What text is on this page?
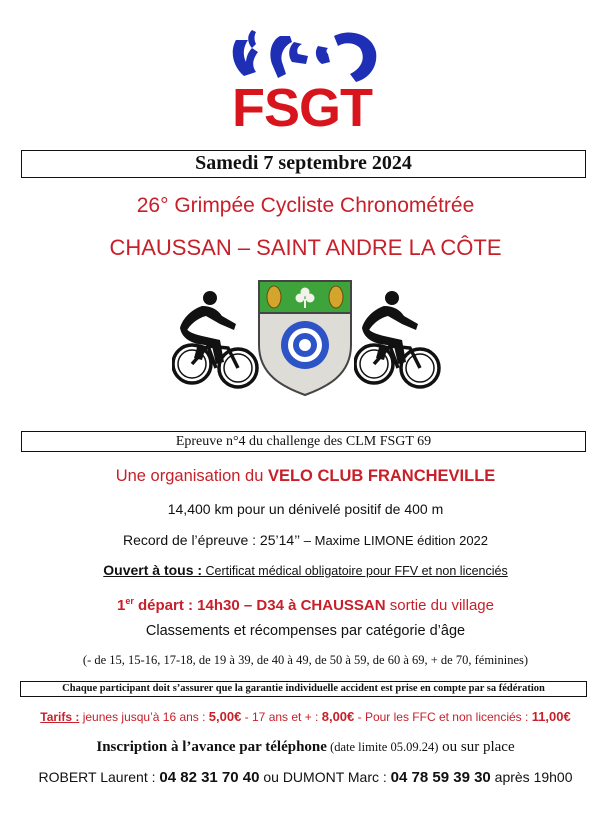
FSGT
Samedi 7 septembre 2024
26° Grimpée Cycliste Chronométrée
CHAUSSAN – SAINT ANDRE LA CÔTE
Epreuve n°4 du challenge des CLM FSGT 69
Une organisation du VELO CLUB FRANCHEVILLE
14,400 km pour un dénivelé positif de 400 m
Record de l’épreuve : 25’14’’ – Maxime LIMONE édition 2022
Ouvert à tous : Certificat médical obligatoire pour FFV et non licenciés
1er départ : 14h30 – D34 à CHAUSSAN sortie du village
Classements et récompenses par catégorie d’âge
(- de 15, 15-16, 17-18, de 19 à 39, de 40 à 49, de 50 à 59, de 60 à 69, + de 70, féminines)
Chaque participant doit s’assurer que la garantie individuelle accident est prise en compte par sa fédération
Tarifs : jeunes jusqu’à 16 ans : 5,00€ - 17 ans et + : 8,00€ - Pour les FFC et non licenciés : 11,00€
Inscription à l’avance par téléphone (date limite 05.09.24) ou sur place
ROBERT Laurent : 04 82 31 70 40 ou DUMONT Marc : 04 78 59 39 30 après 19h00
